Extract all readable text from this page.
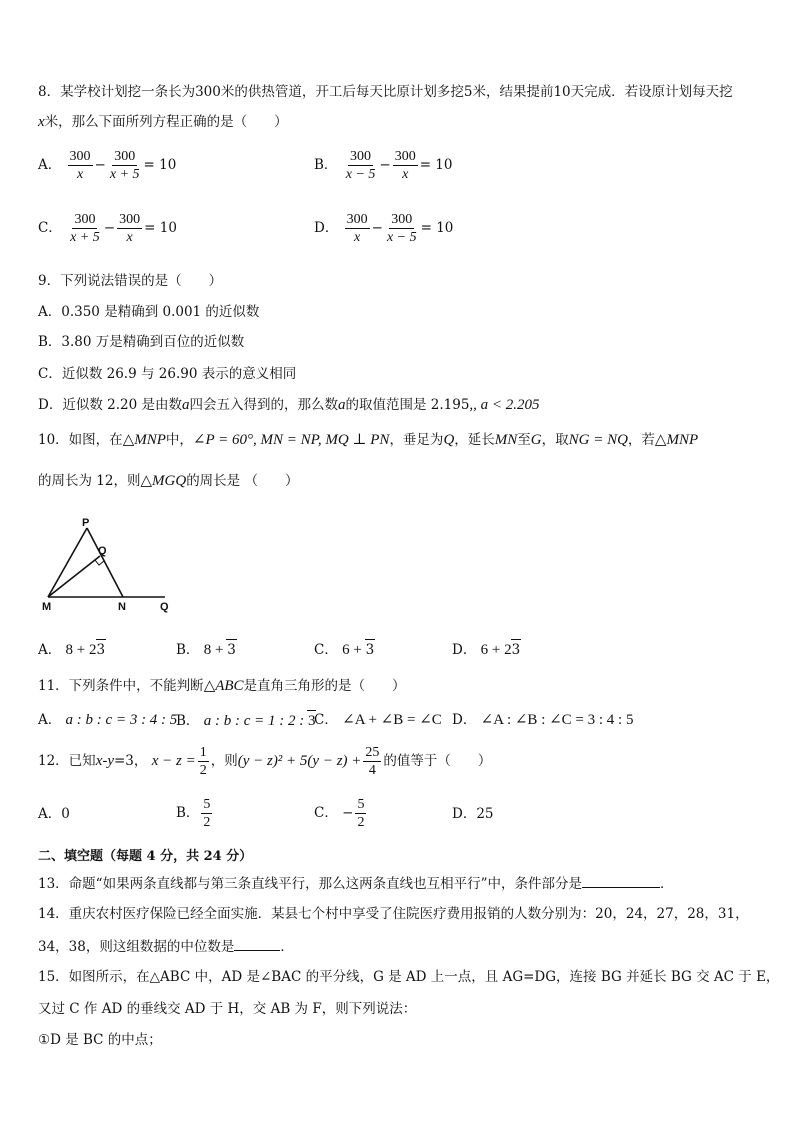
8．某学校计划挖一条长为300米的供热管道，开工后每天比原计划多挖5米，结果提前10天完成．若设原计划每天挖
x米，那么下面所列方程正确的是（　　）
A． $\frac{300}{x} - \frac{300}{x + 5} = 10$	B． $\frac{300}{x - 5} - \frac{300}{x} = 10$
C． $\frac{300}{x + 5} - \frac{300}{x} = 10$	D． $\frac{300}{x} - \frac{300}{x - 5} = 10$
9．下列说法错误的是（　　）
A．0.350 是精确到 0.001 的近似数
B．3.80 万是精确到百位的近似数
C．近似数 26.9 与 26.90 表示的意义相同
D．近似数 2.20 是由数a四会五入得到的，那么数a的取值范围是 2.195,, a < 2.205
10．如图，在△MNP中，∠P = 60°, MN = NP, MQ ⊥ PN，垂足为Q，延长MN至G，取NG = NQ，若△MNP
的周长为 12，则△MGQ的周长是 （　　）
P
Q
M	N	Q
A． 8 + 23	B． 8 + 3	C． 6 + 3	D． 6 + 23
11．下列条件中，不能判断△ABC是直角三角形的是（　　）
A． a : b : c = 3 : 4 : 5
B． a : b : c = 1 : 2 : 3
C． ∠A + ∠B = ∠C D． ∠A : ∠B : ∠C = 3 : 4 : 5
12．已知x-y=3， $x - z = \frac{1}{2}$ ，则$(y - z)^2 + 5(y - z) + \frac{25}{4}$ 的值等于（　　）
A．0	B． $\frac{5}{2}$	C． − $\frac{5}{2}$	D．25
二、填空题（每题 4 分，共 24 分）
13．命题“如果两条直线都与第三条直线平行，那么这两条直线也互相平行”中，条件部分是	．
14．重庆农村医疗保险已经全面实施．某县七个村中享受了住院医疗费用报销的人数分别为：20，24，27，28，31，
34，38，则这组数据的中位数是	．
15．如图所示，在△ABC 中，AD 是∠BAC 的平分线，G 是 AD 上一点，且 AG=DG，连接 BG 并延长 BG 交 AC 于 E，
又过 C 作 AD 的垂线交 AD 于 H，交 AB 为 F，则下列说法：
①D 是 BC 的中点；
